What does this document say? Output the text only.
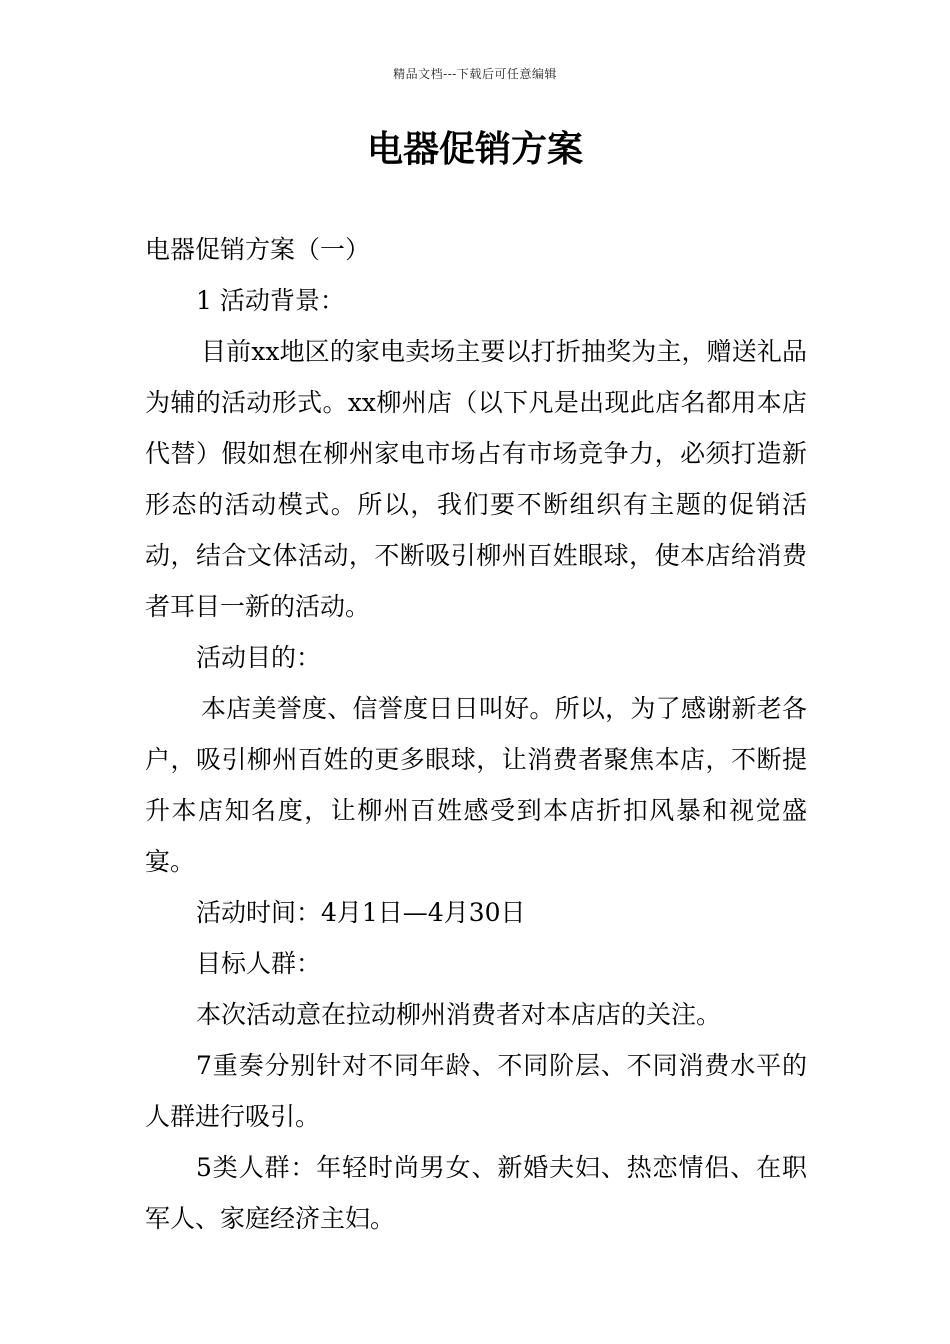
精品文档---下载后可任意编辑
电器促销方案

电器促销方案（一）

1 活动背景：

目前xx地区的家电卖场主要以打折抽奖为主，赠送礼品为辅的活动形式。xx柳州店（以下凡是出现此店名都用本店代替）假如想在柳州家电市场占有市场竞争力，必须打造新形态的活动模式。所以，我们要不断组织有主题的促销活动，结合文体活动，不断吸引柳州百姓眼球，使本店给消费者耳目一新的活动。

活动目的：

本店美誉度、信誉度日日叫好。所以，为了感谢新老各户，吸引柳州百姓的更多眼球，让消费者聚焦本店，不断提升本店知名度，让柳州百姓感受到本店折扣风暴和视觉盛宴。

活动时间：4月1日—4月30日

目标人群：

本次活动意在拉动柳州消费者对本店店的关注。

7重奏分别针对不同年龄、不同阶层、不同消费水平的人群进行吸引。

5类人群：年轻时尚男女、新婚夫妇、热恋情侣、在职军人、家庭经济主妇。
